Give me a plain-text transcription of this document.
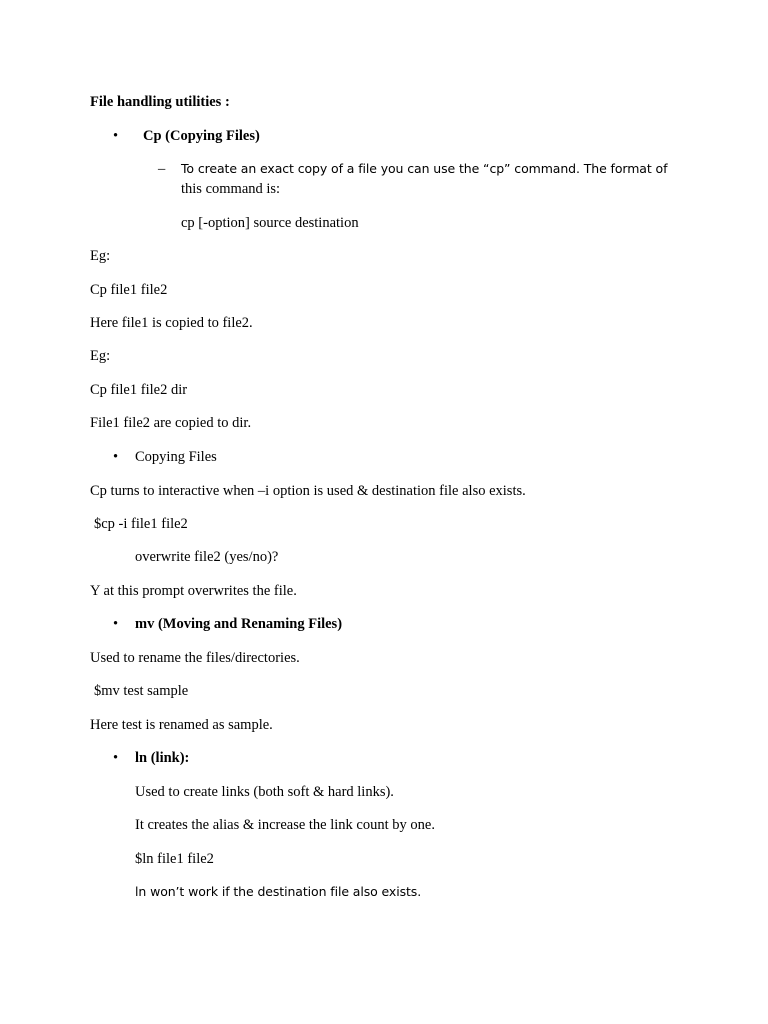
File handling utilities :
• Cp (Copying Files)
– To create an exact copy of a file you can use the “cp” command. The format of
this command is:
cp [-option] source destination
Eg:
Cp file1 file2
Here file1 is copied to file2.
Eg:
Cp file1 file2 dir
File1 file2 are copied to dir.
• Copying Files
Cp turns to interactive when –i option is used & destination file also exists.
$cp -i file1 file2
overwrite file2 (yes/no)?
Y at this prompt overwrites the file.
• mv (Moving and Renaming Files)
Used to rename the files/directories.
$mv test sample
Here test is renamed as sample.
• ln (link):
Used to create links (both soft & hard links).
It creates the alias & increase the link count by one.
$ln file1 file2
ln won’t work if the destination file also exists.
